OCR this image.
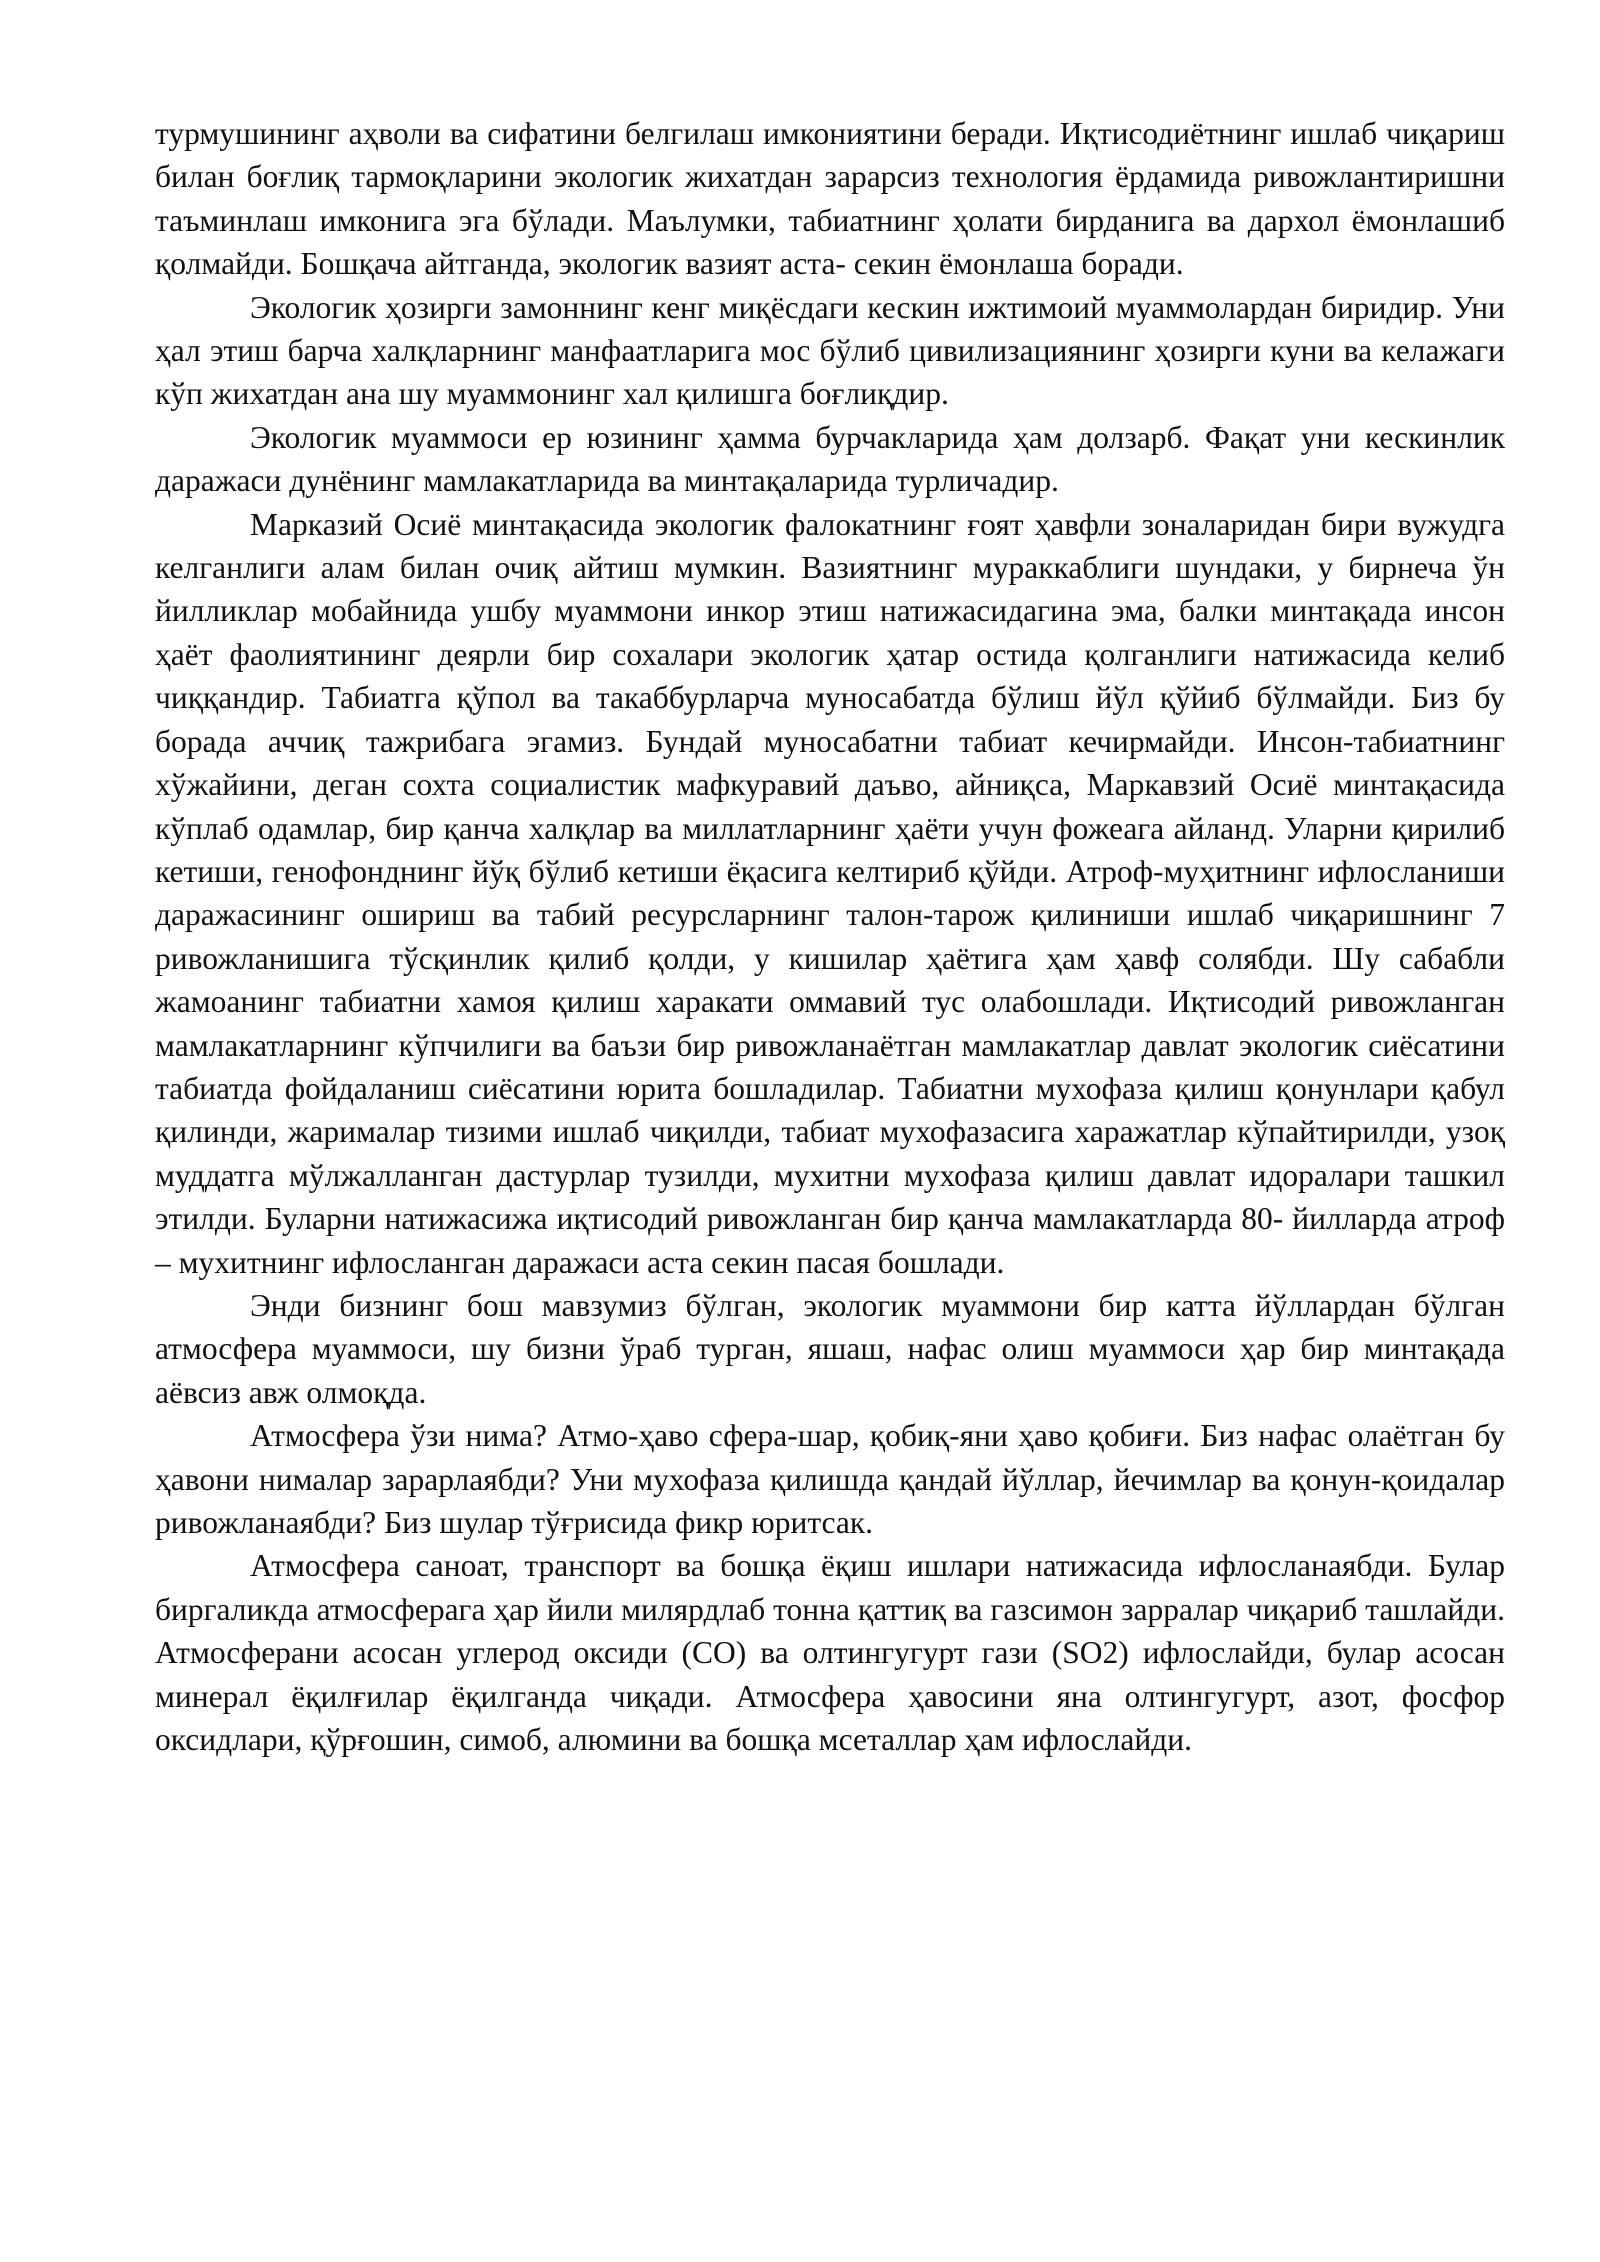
турмушининг аҳволи ва сифатини белгилаш имкониятини беради. Иқтисодиётнинг ишлаб чиқариш билан боғлиқ тармоқларини экологик жихатдан зарарсиз технология ёрдамида ривожлантиришни таъминлаш имконига эга бўлади. Маълумки, табиатнинг ҳолати бирданига ва дархол ёмонлашиб қолмайди. Бошқача айтганда, экологик вазият аста- секин ёмонлаша боради.

Экологик ҳозирги замоннинг кенг миқёсдаги кескин ижтимоий муаммолардан биридир. Уни ҳал этиш барча халқларнинг манфаатларига мос бўлиб цивилизациянинг ҳозирги куни ва келажаги кўп жихатдан ана шу муаммонинг хал қилишга боғлиқдир.

Экологик муаммоси ер юзининг ҳамма бурчакларида ҳам долзарб. Фақат уни кескинлик даражаси дунёнинг мамлакатларида ва минтақаларида турличадир.

Марказий Осиё минтақасида экологик фалокатнинг ғоят ҳавфли зоналаридан бири вужудга келганлиги алам билан очиқ айтиш мумкин. Вазиятнинг мураккаблиги шундаки, у бирнеча ўн йилликлар мобайнида ушбу муаммони инкор этиш натижасидагина эма, балки минтақада инсон ҳаёт фаолиятининг деярли бир сохалари экологик ҳатар остида қолганлиги натижасида келиб чиққандир. Табиатга қўпол ва такаббурларча муносабатда бўлиш йўл қўйиб бўлмайди. Биз бу борада аччиқ тажрибага эгамиз. Бундай муносабатни табиат кечирмайди. Инсон-табиатнинг хўжайини, деган сохта социалистик мафкуравий даъво, айниқса, Маркавзий Осиё минтақасида кўплаб одамлар, бир қанча халқлар ва миллатларнинг ҳаёти учун фожеага айланд. Уларни қирилиб кетиши, генофонднинг йўқ бўлиб кетиши ёқасига келтириб қўйди. Атроф-муҳитнинг ифлосланиши даражасининг ошириш ва табий ресурсларнинг талон-тарож қилиниши ишлаб чиқаришнинг 7 ривожланишига тўсқинлик қилиб қолди, у кишилар ҳаётига ҳам ҳавф солябди. Шу сабабли жамоанинг табиатни хамоя қилиш харакати оммавий тус олабошлади. Иқтисодий ривожланган мамлакатларнинг кўпчилиги ва баъзи бир ривожланаётган мамлакатлар давлат экологик сиёсатини табиатда фойдаланиш сиёсатини юрита бошладилар. Табиатни мухофаза қилиш қонунлари қабул қилинди, жарималар тизими ишлаб чиқилди, табиат мухофазасига харажатлар кўпайтирилди, узоқ муддатга мўлжалланган дастурлар тузилди, мухитни мухофаза қилиш давлат идоралари ташкил этилди. Буларни натижасижа иқтисодий ривожланган бир қанча мамлакатларда 80- йилларда атроф – мухитнинг ифлосланган даражаси аста секин пасая бошлади.

Энди бизнинг бош мавзумиз бўлган, экологик муаммони бир катта йўллардан бўлган атмосфера муаммоси, шу бизни ўраб турган, яшаш, нафас олиш муаммоси ҳар бир минтақада аёвсиз авж олмоқда.

Атмосфера ўзи нима? Атмо-ҳаво сфера-шар, қобиқ-яни ҳаво қобиғи. Биз нафас олаётган бу ҳавони нималар зарарлаябди? Уни мухофаза қилишда қандай йўллар, йечимлар ва қонун-қоидалар ривожланаябди? Биз шулар тўғрисида фикр юритсак.

Атмосфера саноат, транспорт ва бошқа ёқиш ишлари натижасида ифлосланаябди. Булар биргаликда атмосферага ҳар йили милярдлаб тонна қаттиқ ва газсимон зарралар чиқариб ташлайди. Атмосферани асосан углерод оксиди (CO) ва олтингугурт гази (SO2) ифлослайди, булар асосан минерал ёқилғилар ёқилганда чиқади. Атмосфера ҳавосини яна олтингугурт, азот, фосфор оксидлари, қўрғошин, симоб, алюмини ва бошқа мсеталлар ҳам ифлослайди.
